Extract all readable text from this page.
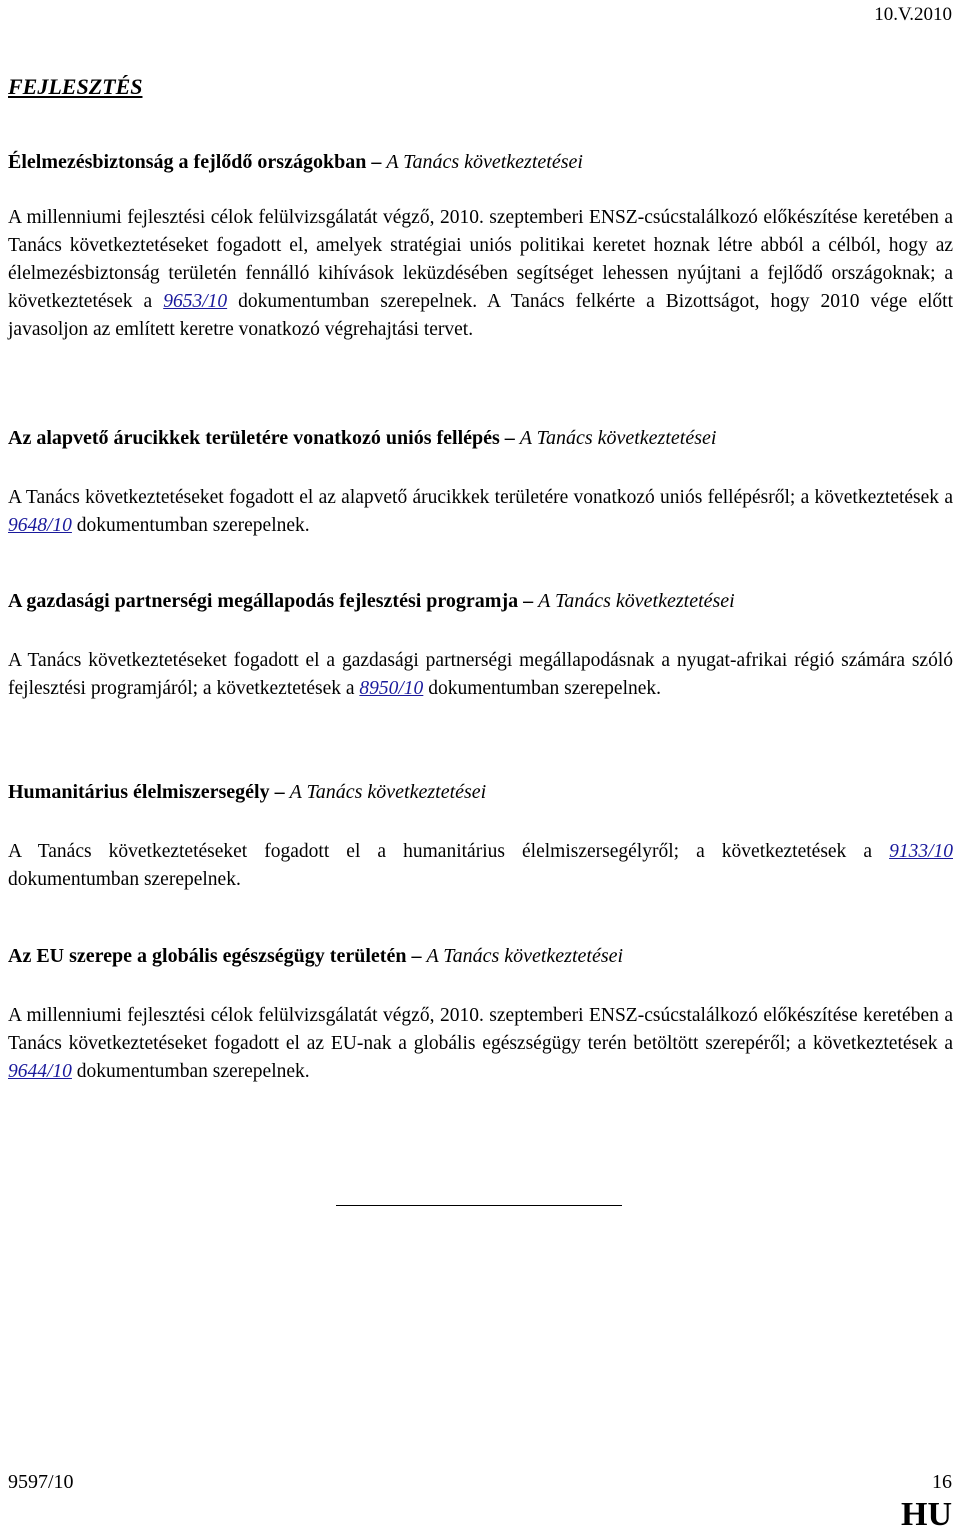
10.V.2010
FEJLESZTÉS
Élelmezésbiztonság a fejlődő országokban – A Tanács következtetései
A millenniumi fejlesztési célok felülvizsgálatát végző, 2010. szeptemberi ENSZ-csúcstalálkozó előkészítése keretében a Tanács következtetéseket fogadott el, amelyek stratégiai uniós politikai keretet hoznak létre abból a célból, hogy az élelmezésbiztonság területén fennálló kihívások leküzdésében segítséget lehessen nyújtani a fejlődő országoknak; a következtetések a 9653/10 dokumentumban szerepelnek. A Tanács felkérte a Bizottságot, hogy 2010 vége előtt javasoljon az említett keretre vonatkozó végrehajtási tervet.
Az alapvető árucikkek területére vonatkozó uniós fellépés – A Tanács következtetései
A Tanács következtetéseket fogadott el az alapvető árucikkek területére vonatkozó uniós fellépésről; a következtetések a 9648/10 dokumentumban szerepelnek.
A gazdasági partnerségi megállapodás fejlesztési programja – A Tanács következtetései
A Tanács következtetéseket fogadott el a gazdasági partnerségi megállapodásnak a nyugat-afrikai régió számára szóló fejlesztési programjáról; a következtetések a 8950/10 dokumentumban szerepelnek.
Humanitárius élelmiszersegély – A Tanács következtetései
A Tanács következtetéseket fogadott el a humanitárius élelmiszersegélyről; a következtetések a 9133/10 dokumentumban szerepelnek.
Az EU szerepe a globális egészségügy területén – A Tanács következtetései
A millenniumi fejlesztési célok felülvizsgálatát végző, 2010. szeptemberi ENSZ-csúcstalálkozó előkészítése keretében a Tanács következtetéseket fogadott el az EU-nak a globális egészségügy terén betöltött szerepéről; a következtetések a 9644/10 dokumentumban szerepelnek.
9597/10	16
HU
